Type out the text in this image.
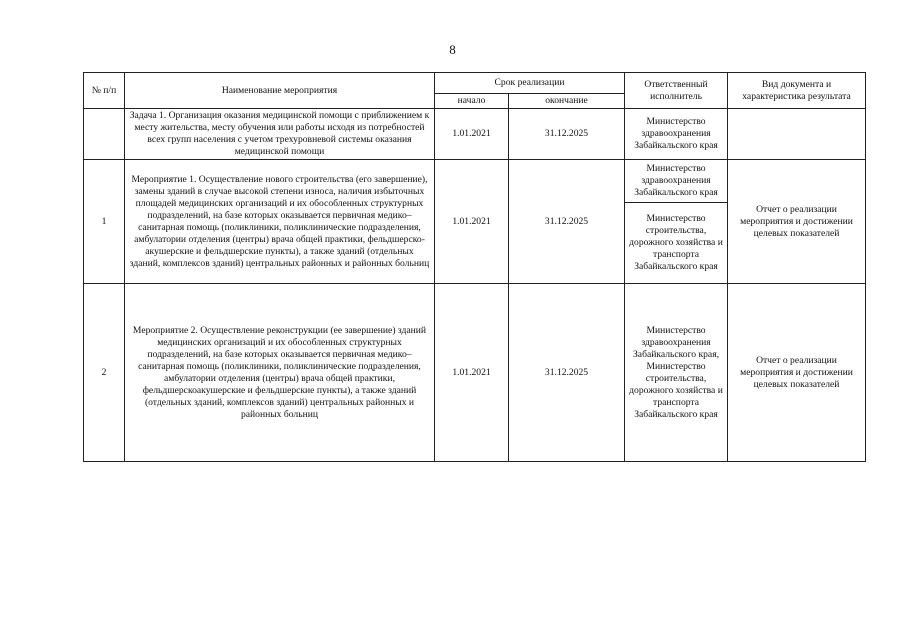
8
№ п/п	Наименование мероприятия	Срок реализации		Ответственный исполнитель	Вид документа и характеристика результата
		начало	окончание		
	Задача 1. Организация оказания медицинской помощи с приближением к месту жительства, месту обучения или работы исходя из потребностей всех групп населения с учетом трехуровневой системы оказания медицинской помощи	1.01.2021	31.12.2025	Министерство здравоохранения Забайкальского края	
1	Мероприятие 1. Осуществление нового строительства (его завершение), замены зданий в случае высокой степени износа, наличия избыточных площадей медицинских организаций и их обособленных структурных подразделений, на базе которых оказывается первичная медико–санитарная помощь (поликлиники, поликлинические подразделения, амбулатории отделения (центры) врача общей практики, фельдшерско-акушерские и фельдшерские пункты), а также зданий (отдельных зданий, комплексов зданий) центральных районных и районных больниц	1.01.2021	31.12.2025	Министерство здравоохранения Забайкальского края	Отчет о реализации мероприятия и достижении целевых показателей
				Министерство строительства, дорожного хозяйства и транспорта Забайкальского края	
2	Мероприятие 2. Осуществление реконструкции (ее завершение) зданий медицинских организаций и их обособленных структурных подразделений, на базе которых оказывается первичная медико–санитарная помощь (поликлиники, поликлинические подразделения, амбулатории отделения (центры) врача общей практики, фельдшерскоакушерские и фельдшерские пункты), а также зданий (отдельных зданий, комплексов зданий) центральных районных и районных больниц	1.01.2021	31.12.2025	Министерство здравоохранения Забайкальского края, Министерство строительства, дорожного хозяйства и транспорта Забайкальского края	Отчет о реализации мероприятия и достижении целевых показателей
